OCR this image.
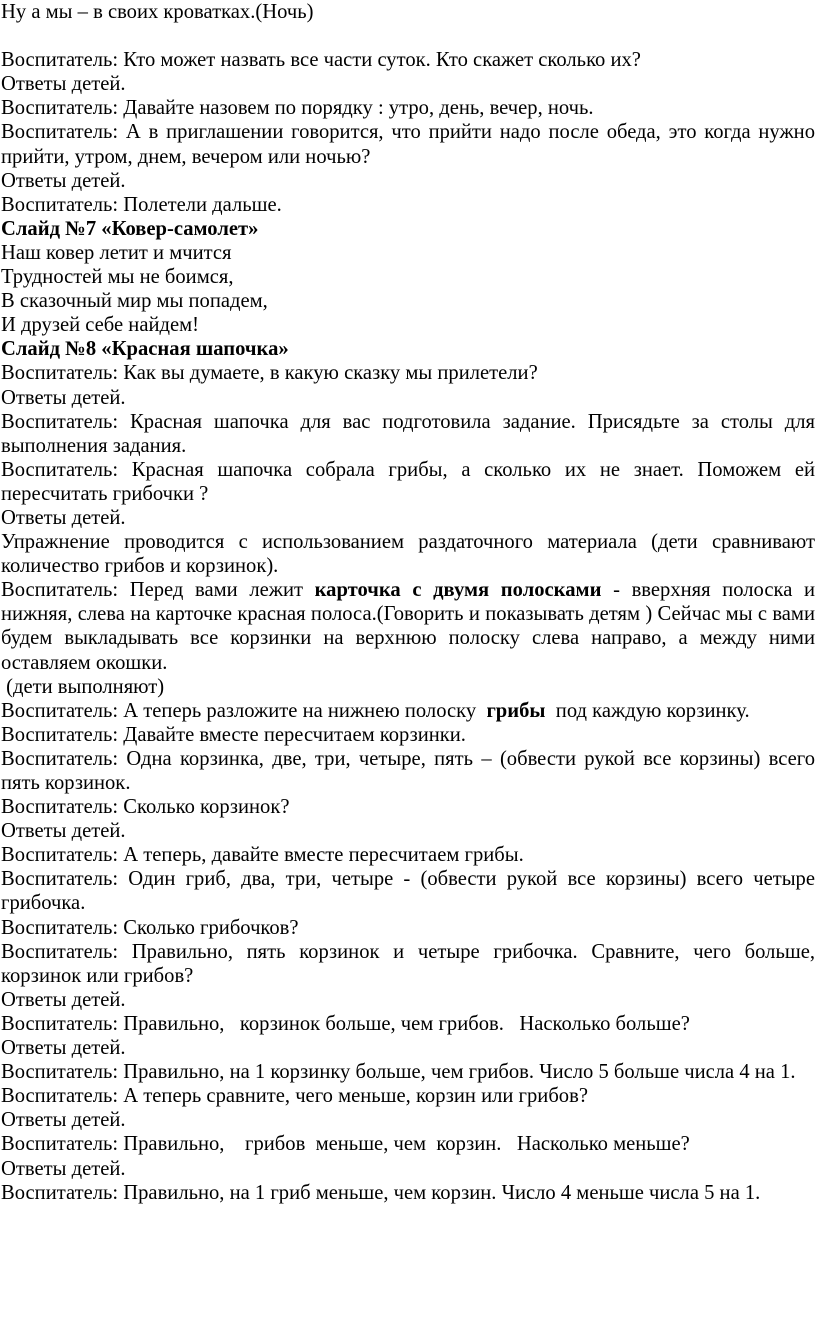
Ну а мы – в своих кроватках.(Ночь)

Воспитатель: Кто может назвать все части суток. Кто скажет сколько их?

Ответы детей.

Воспитатель: Давайте назовем по порядку : утро, день, вечер, ночь.

Воспитатель: А в приглашении говорится, что прийти надо после обеда, это когда нужно прийти, утром, днем, вечером или ночью?

Ответы детей.

Воспитатель: Полетели дальше.

Слайд №7 «Ковер-самолет»

Наш ковер летит и мчится

Трудностей мы не боимся,

В сказочный мир мы попадем,

И друзей себе найдем!

Слайд №8 «Красная шапочка»

Воспитатель: Как вы думаете, в какую сказку мы прилетели?

Ответы детей.

Воспитатель: Красная шапочка для вас подготовила задание. Присядьте за столы для выполнения задания.

Воспитатель: Красная шапочка собрала грибы, а сколько их не знает. Поможем ей пересчитать грибочки ?

Ответы детей.

Упражнение проводится с использованием раздаточного материала (дети сравнивают количество грибов и корзинок).

Воспитатель: Перед вами лежит карточка с двумя полосками - вверхняя полоска и нижняя, слева на карточке красная полоса.(Говорить и показывать детям ) Сейчас мы с вами будем выкладывать все корзинки на верхнюю полоску слева направо, а между ними оставляем окошки.

(дети выполняют)

Воспитатель: А теперь разложите на нижнею полоску  грибы  под каждую корзинку.

Воспитатель: Давайте вместе пересчитаем корзинки.

Воспитатель: Одна корзинка, две, три, четыре, пять – (обвести рукой все корзины) всего пять корзинок.

Воспитатель: Сколько корзинок?

Ответы детей.

Воспитатель: А теперь, давайте вместе пересчитаем грибы.

Воспитатель: Один гриб, два, три, четыре - (обвести рукой все корзины) всего четыре грибочка.

Воспитатель: Сколько грибочков?

Воспитатель: Правильно, пять корзинок и четыре грибочка. Сравните, чего больше, корзинок или грибов?

Ответы детей.

Воспитатель: Правильно,   корзинок больше, чем грибов.   Насколько больше?

Ответы детей.

Воспитатель: Правильно, на 1 корзинку больше, чем грибов. Число 5 больше числа 4 на 1.

Воспитатель: А теперь сравните, чего меньше, корзин или грибов?

Ответы детей.

Воспитатель: Правильно,    грибов  меньше, чем  корзин.   Насколько меньше?

Ответы детей.

Воспитатель: Правильно, на 1 гриб меньше, чем корзин. Число 4 меньше числа 5 на 1.
